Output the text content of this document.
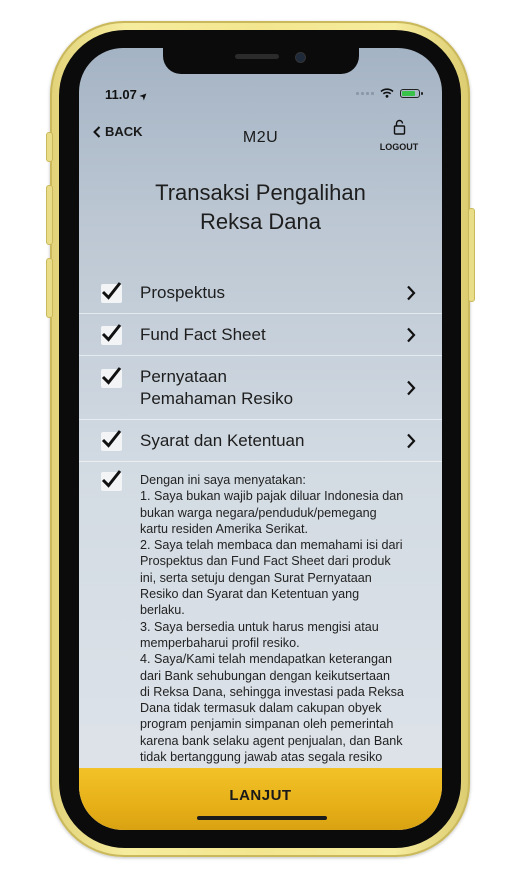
11.07➤
BACK	M2U
LOGOUT
Transaksi Pengalihan
Reksa Dana
Prospektus
Fund Fact Sheet
Pernyataan
Pemahaman Resiko
Syarat dan Ketentuan
Dengan ini saya menyatakan:
1. Saya bukan wajib pajak diluar Indonesia dan
bukan warga negara/penduduk/pemegang
kartu residen Amerika Serikat.
2. Saya telah membaca dan memahami isi dari
Prospektus dan Fund Fact Sheet dari produk
ini, serta setuju dengan Surat Pernyataan
Resiko dan Syarat dan Ketentuan yang
berlaku.
3. Saya bersedia untuk harus mengisi atau
memperbaharui profil resiko.
4. Saya/Kami telah mendapatkan keterangan
dari Bank sehubungan dengan keikutsertaan
di Reksa Dana, sehingga investasi pada Reksa
Dana tidak termasuk dalam cakupan obyek
program penjamin simpanan oleh pemerintah
karena bank selaku agent penjualan, dan Bank
tidak bertanggung jawab atas segala resiko
LANJUT
